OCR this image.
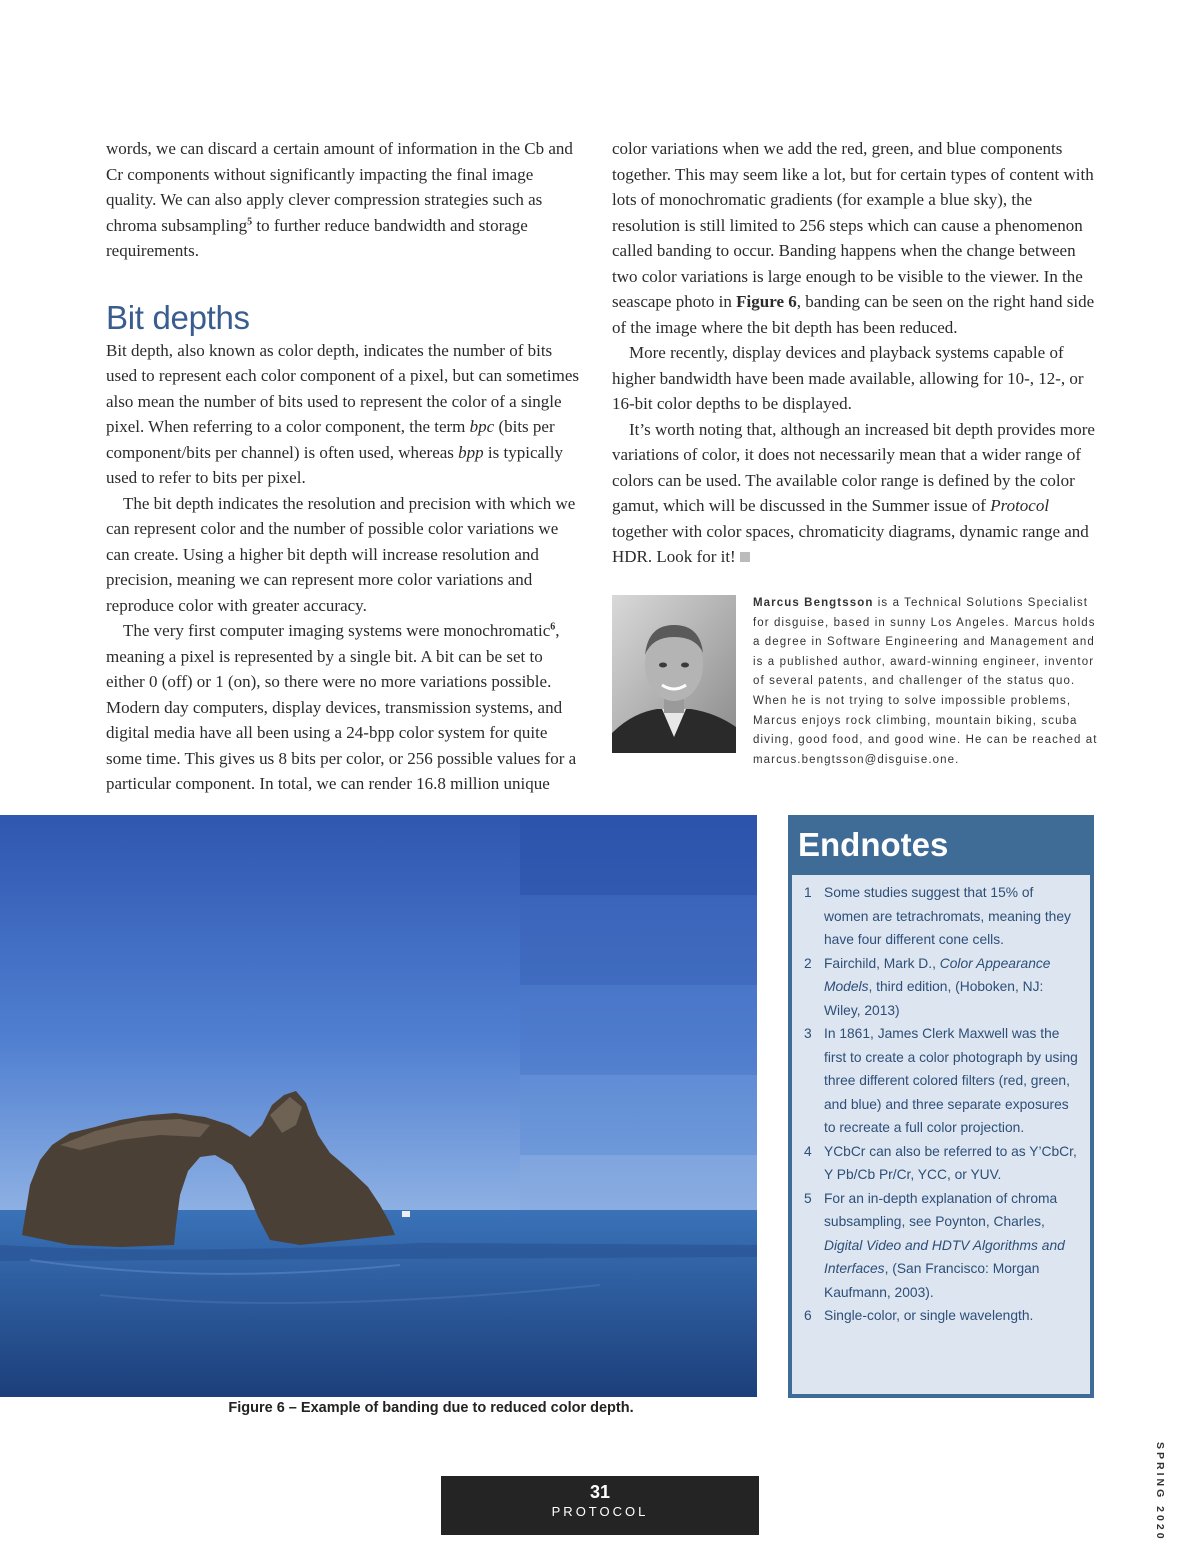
words, we can discard a certain amount of information in the Cb and Cr components without significantly impacting the final image quality. We can also apply clever compression strategies such as chroma subsampling$^5$ to further reduce bandwidth and storage requirements.

Bit depths

Bit depth, also known as color depth, indicates the number of bits used to represent each color component of a pixel, but can sometimes also mean the number of bits used to represent the color of a single pixel. When referring to a color component, the term bpc (bits per component/bits per channel) is often used, whereas bpp is typically used to refer to bits per pixel.

The bit depth indicates the resolution and precision with which we can represent color and the number of possible color variations we can create. Using a higher bit depth will increase resolution and precision, meaning we can represent more color variations and reproduce color with greater accuracy.

The very first computer imaging systems were monochromatic$^6$, meaning a pixel is represented by a single bit. A bit can be set to either 0 (off) or 1 (on), so there were no more variations possible. Modern day computers, display devices, transmission systems, and digital media have all been using a 24-bpp color system for quite some time. This gives us 8 bits per color, or 256 possible values for a particular component. In total, we can render 16.8 million unique

color variations when we add the red, green, and blue components together. This may seem like a lot, but for certain types of content with lots of monochromatic gradients (for example a blue sky), the resolution is still limited to 256 steps which can cause a phenomenon called banding to occur. Banding happens when the change between two color variations is large enough to be visible to the viewer. In the seascape photo in Figure 6, banding can be seen on the right hand side of the image where the bit depth has been reduced.

More recently, display devices and playback systems capable of higher bandwidth have been made available, allowing for 10-, 12-, or 16-bit color depths to be displayed.

It’s worth noting that, although an increased bit depth provides more variations of color, it does not necessarily mean that a wider range of colors can be used. The available color range is defined by the color gamut, which will be discussed in the Summer issue of Protocol together with color spaces, chromaticity diagrams, dynamic range and HDR. Look for it!

Marcus Bengtsson is a Technical Solutions Specialist for disguise, based in sunny Los Angeles. Marcus holds a degree in Software Engineering and Management and is a published author, award-winning engineer, inventor of several patents, and challenger of the status quo. When he is not trying to solve impossible problems, Marcus enjoys rock climbing, mountain biking, scuba diving, good food, and good wine. He can be reached at marcus.bengtsson@disguise.one.
Figure 6 – Example of banding due to reduced color depth.
Endnotes
1 Some studies suggest that 15% of women are tetrachromats, meaning they have four different cone cells.
2 Fairchild, Mark D., Color Appearance Models, third edition, (Hoboken, NJ: Wiley, 2013)
3 In 1861, James Clerk Maxwell was the first to create a color photograph by using three different colored filters (red, green, and blue) and three separate exposures to recreate a full color projection.
4 YCbCr can also be referred to as Y’CbCr, Y Pb/Cb Pr/Cr, YCC, or YUV.
5 For an in-depth explanation of chroma subsampling, see Poynton, Charles, Digital Video and HDTV Algorithms and Interfaces, (San Francisco: Morgan Kaufmann, 2003).
6 Single-color, or single wavelength.
31
PROTOCOL	SPRING 2020
